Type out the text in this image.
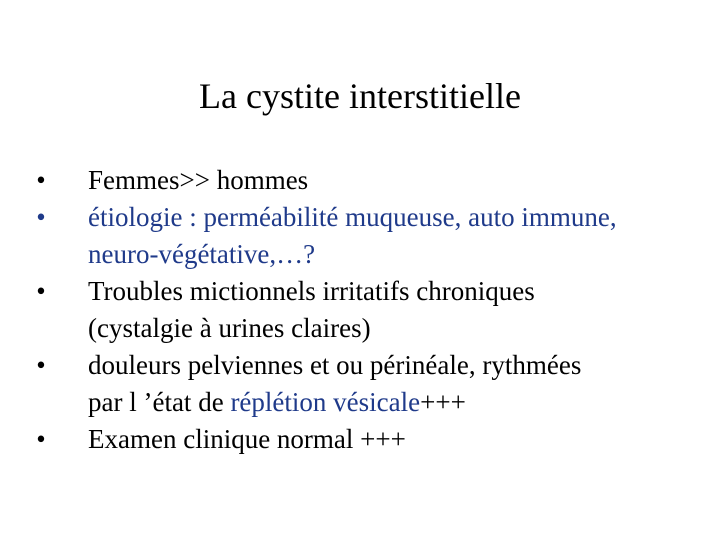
La cystite interstitielle
• Femmes>> hommes
• étiologie : perméabilité muqueuse, auto immune,
neuro-végétative,…?
• Troubles mictionnels irritatifs chroniques
(cystalgie à urines claires)
• douleurs pelviennes et ou périnéale, rythmées
par l ’état de réplétion vésicale+++
• Examen clinique normal +++
